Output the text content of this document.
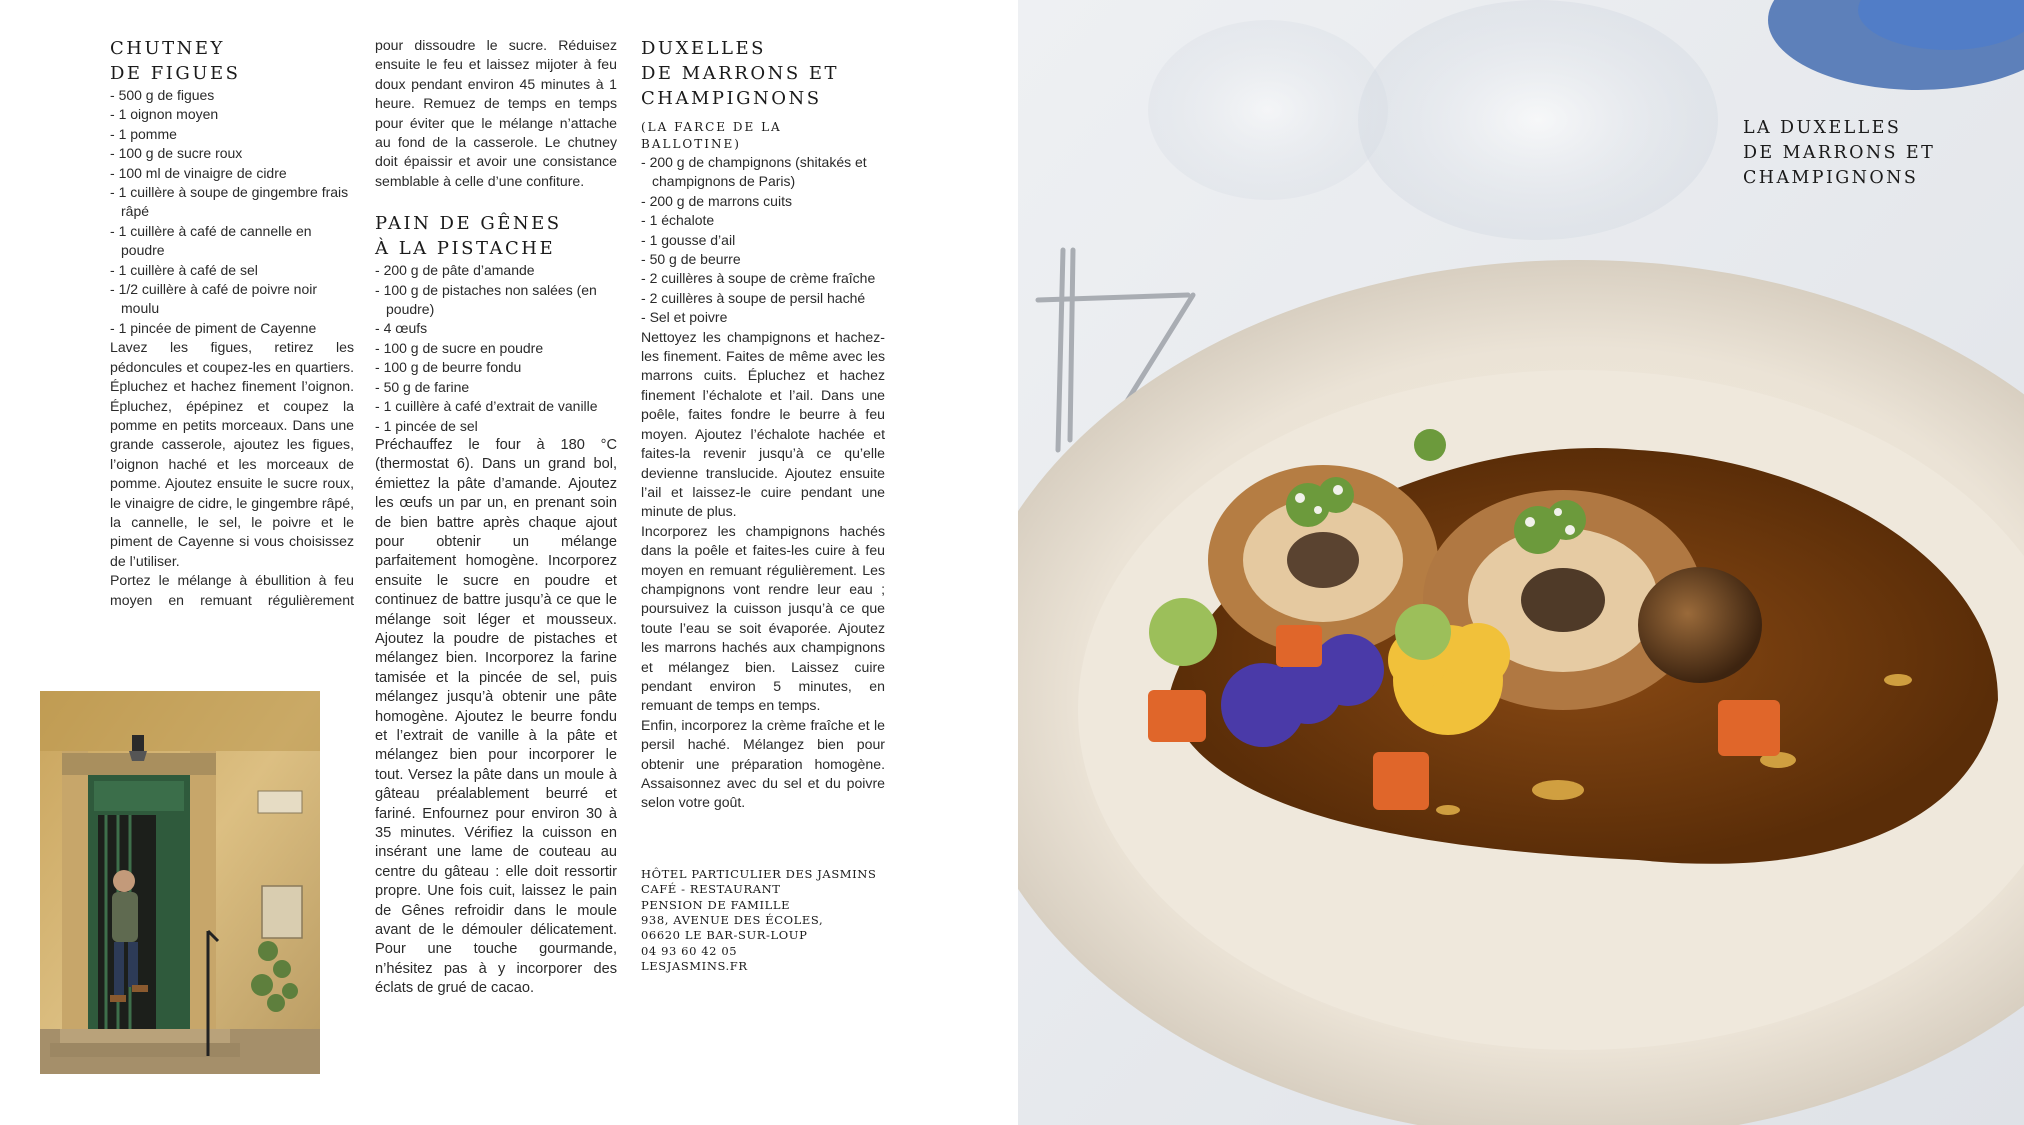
CHUTNEY
DE FIGUES
- 500 g de figues
- 1 oignon moyen
- 1 pomme
- 100 g de sucre roux
- 100 ml de vinaigre de cidre
- 1 cuillère à soupe de gingembre frais râpé
- 1 cuillère à café de cannelle en poudre
- 1 cuillère à café de sel
- 1/2 cuillère à café de poivre noir moulu
- 1 pincée de piment de Cayenne

Lavez les figues, retirez les pédoncules et coupez-les en quartiers. Épluchez et hachez finement l’oignon. Épluchez, épépinez et coupez la pomme en petits morceaux. Dans une grande casserole, ajoutez les figues, l’oignon haché et les morceaux de pomme. Ajoutez ensuite le sucre roux, le vinaigre de cidre, le gingembre râpé, la cannelle, le sel, le poivre et le piment de Cayenne si vous choisissez de l’utiliser.

Portez le mélange à ébullition à feu moyen en remuant régulièrement

pour dissoudre le sucre. Réduisez ensuite le feu et laissez mijoter à feu doux pendant environ 45 minutes à 1 heure. Remuez de temps en temps pour éviter que le mélange n’attache au fond de la casserole. Le chutney doit épaissir et avoir une consistance semblable à celle d’une confiture.

PAIN DE GÊNES
À LA PISTACHE
- 200 g de pâte d’amande
- 100 g de pistaches non salées (en poudre)
- 4 œufs
- 100 g de sucre en poudre
- 100 g de beurre fondu
- 50 g de farine
- 1 cuillère à café d’extrait de vanille
- 1 pincée de sel

Préchauffez le four à 180 °C (thermostat 6). Dans un grand bol, émiettez la pâte d’amande. Ajoutez les œufs un par un, en prenant soin de bien battre après chaque ajout pour obtenir un mélange parfaitement homogène. Incorporez ensuite le sucre en poudre et continuez de battre jusqu’à ce que le mélange soit léger et mousseux. Ajoutez la poudre de pistaches et mélangez bien. Incorporez la farine tamisée et la pincée de sel, puis mélangez jusqu’à obtenir une pâte homogène. Ajoutez le beurre fondu et l’extrait de vanille à la pâte et mélangez bien pour incorporer le tout. Versez la pâte dans un moule à gâteau préalablement beurré et fariné. Enfournez pour environ 30 à 35 minutes. Vérifiez la cuisson en insérant une lame de couteau au centre du gâteau : elle doit ressortir propre. Une fois cuit, laissez le pain de Gênes refroidir dans le moule avant de le démouler délicatement. Pour une touche gourmande, n’hésitez pas à y incorporer des éclats de grué de cacao.

DUXELLES
DE MARRONS ET
CHAMPIGNONS
(LA FARCE DE LA
BALLOTINE)
- 200 g de champignons (shitakés et champignons de Paris)
- 200 g de marrons cuits
- 1 échalote
- 1 gousse d’ail
- 50 g de beurre
- 2 cuillères à soupe de crème fraîche
- 2 cuillères à soupe de persil haché
- Sel et poivre

Nettoyez les champignons et hachez-les finement. Faites de même avec les marrons cuits. Épluchez et hachez finement l’échalote et l’ail. Dans une poêle, faites fondre le beurre à feu moyen. Ajoutez l’échalote hachée et faites-la revenir jusqu’à ce qu’elle devienne translucide. Ajoutez ensuite l’ail et laissez-le cuire pendant une minute de plus.

Incorporez les champignons hachés dans la poêle et faites-les cuire à feu moyen en remuant régulièrement. Les champignons vont rendre leur eau ; poursuivez la cuisson jusqu’à ce que toute l’eau se soit évaporée. Ajoutez les marrons hachés aux champignons et mélangez bien. Laissez cuire pendant environ 5 minutes, en remuant de temps en temps.

Enfin, incorporez la crème fraîche et le persil haché. Mélangez bien pour obtenir une préparation homogène. Assaisonnez avec du sel et du poivre selon votre goût.

HÔTEL PARTICULIER DES JASMINS
CAFÉ - RESTAURANT
PENSION DE FAMILLE
938, AVENUE DES ÉCOLES,
06620 LE BAR-SUR-LOUP
04 93 60 42 05
LESJASMINS.FR
LA DUXELLES
DE MARRONS ET
CHAMPIGNONS
